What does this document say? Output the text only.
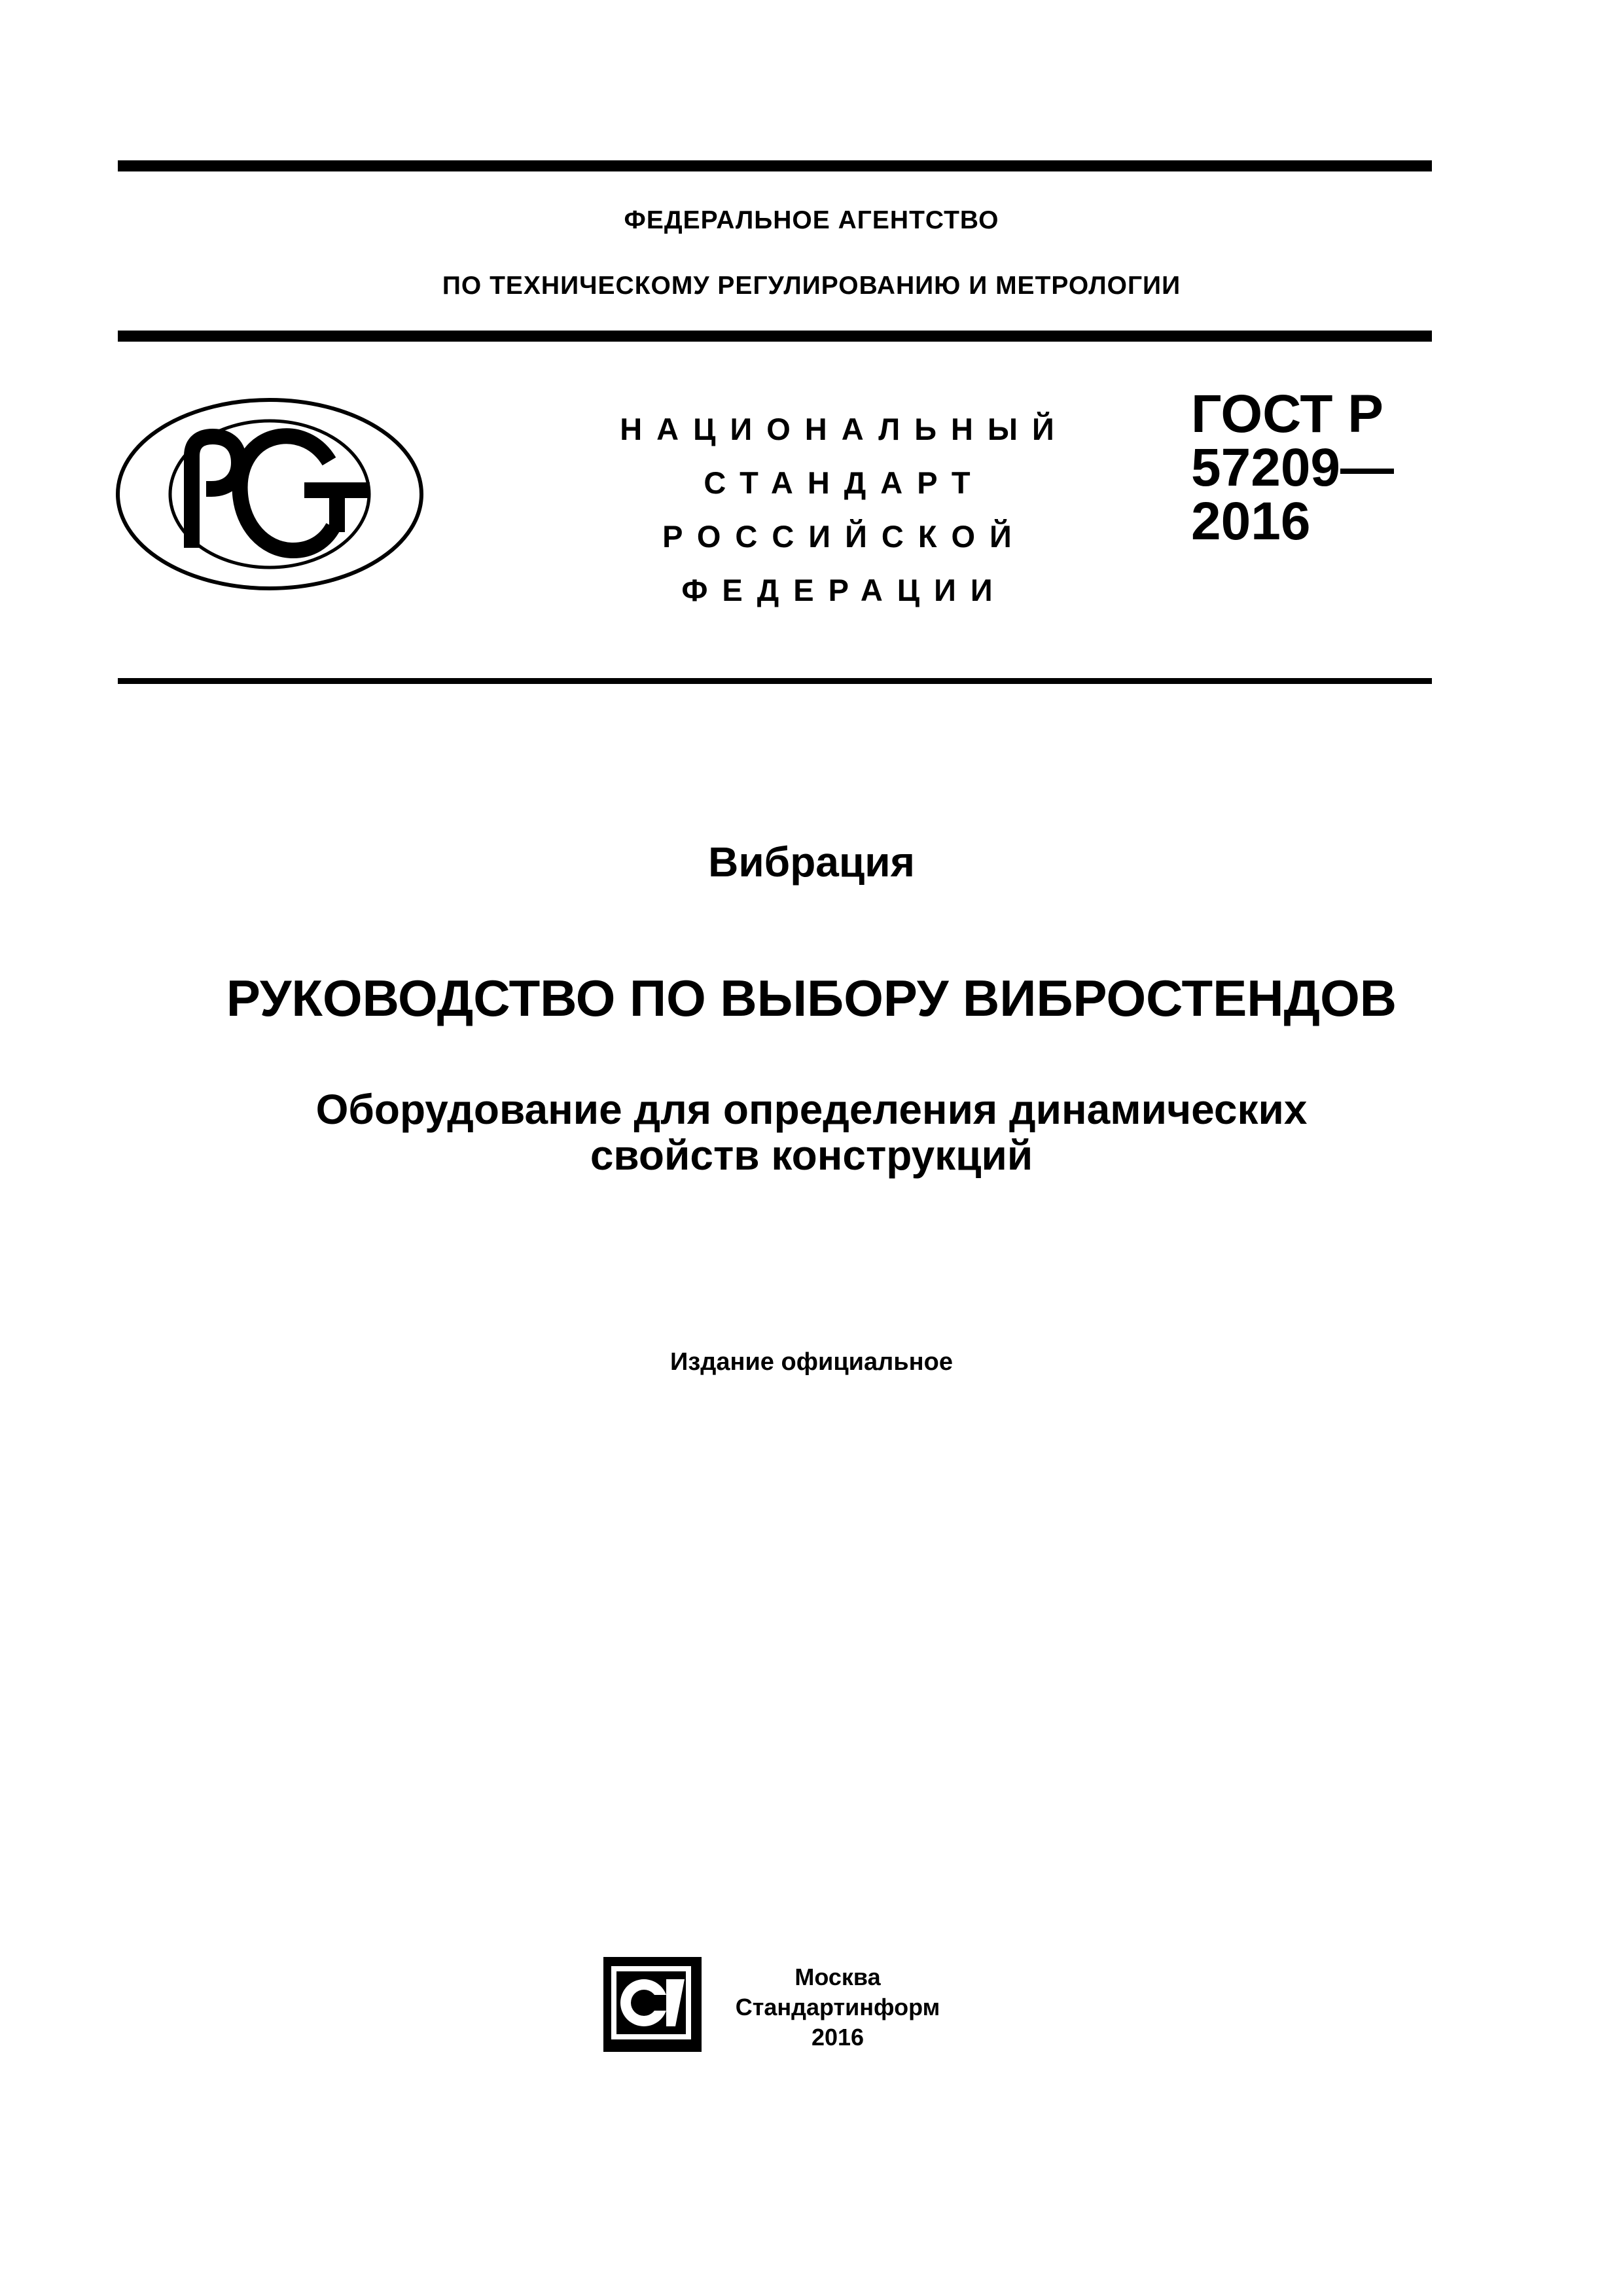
ФЕДЕРАЛЬНОЕ АГЕНТСТВО
ПО ТЕХНИЧЕСКОМУ РЕГУЛИРОВАНИЮ И МЕТРОЛОГИИ
НАЦИОНАЛЬНЫЙ
СТАНДАРТ
РОССИЙСКОЙ
ФЕДЕРАЦИИ
ГОСТ Р
57209—
2016
Вибрация
РУКОВОДСТВО ПО ВЫБОРУ ВИБРОСТЕНДОВ
Оборудование для определения динамических
свойств конструкций
Издание официальное
Москва
Стандартинформ
2016
